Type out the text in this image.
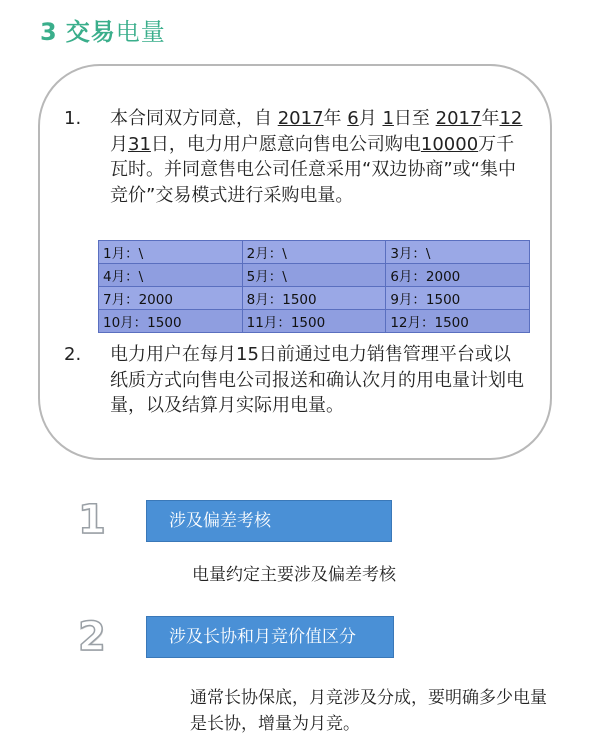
3 交易电量
1. 本合同双方同意，自 2017年 6月 1日至 2017年12月31日，电力用户愿意向售电公司购电10000万千瓦时。并同意售电公司任意采用“双边协商”或“集中竞价”交易模式进行采购电量。
1月：\	2月：\	3月：\
4月：\	5月：\	6月：2000
7月：2000	8月：1500	9月：1500
10月：1500	11月：1500	12月：1500
2. 电力用户在每月15日前通过电力销售管理平台或以纸质方式向售电公司报送和确认次月的用电量计划电量，以及结算月实际用电量。
1	涉及偏差考核
电量约定主要涉及偏差考核
2	涉及长协和月竞价值区分
通常长协保底，月竞涉及分成，要明确多少电量是长协，增量为月竞。
